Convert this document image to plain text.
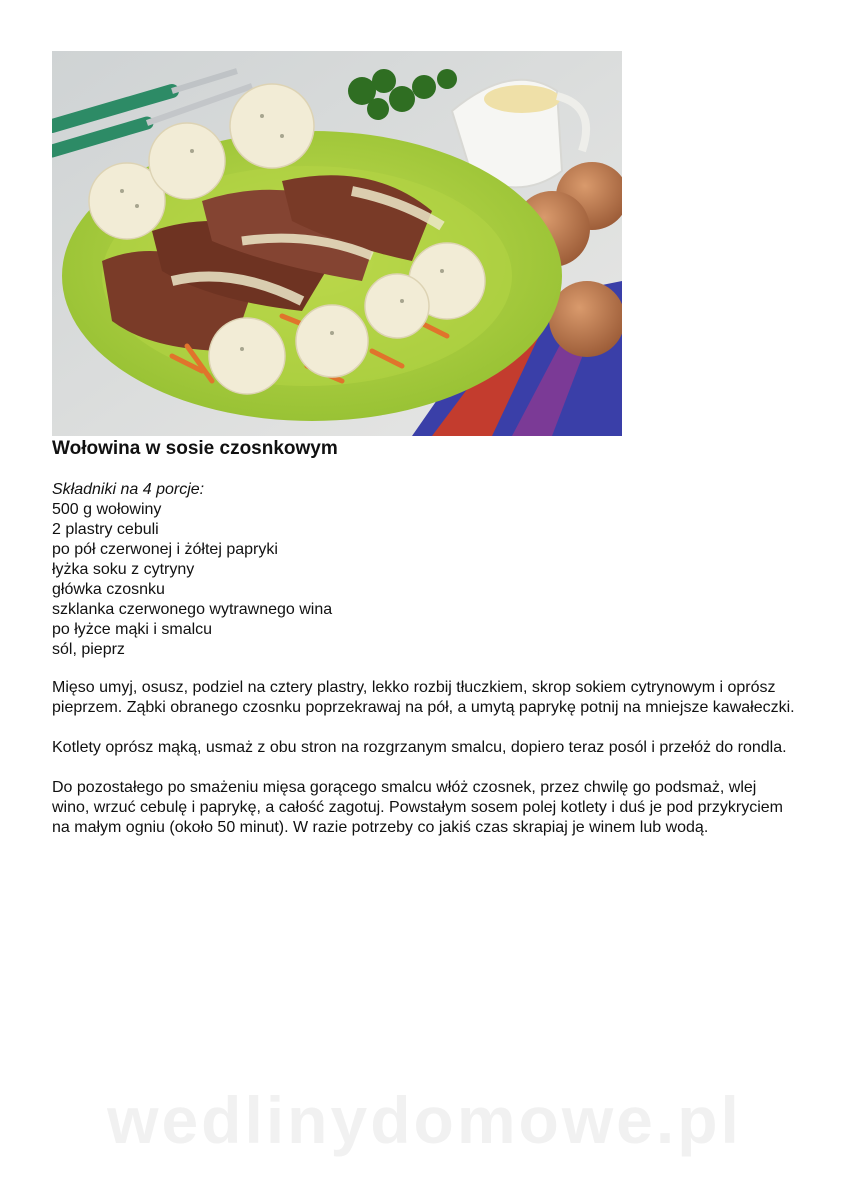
Wołowina w sosie czosnkowym
Składniki na 4 porcje:
500 g wołowiny
2 plastry cebuli
po pół czerwonej i żółtej papryki
łyżka soku z cytryny
główka czosnku
szklanka czerwonego wytrawnego wina
po łyżce mąki i smalcu
sól, pieprz

Mięso umyj, osusz, podziel na cztery plastry, lekko rozbij tłuczkiem, skrop sokiem cytrynowym i oprósz pieprzem. Ząbki obranego czosnku poprzekrawaj na pół, a umytą paprykę potnij na mniejsze kawałeczki.

Kotlety oprósz mąką, usmaż z obu stron na rozgrzanym smalcu, dopiero teraz posól i przełóż do rondla.

Do pozostałego po smażeniu mięsa gorącego smalcu włóż czosnek, przez chwilę go podsmaż, wlej wino, wrzuć cebulę i paprykę, a całość zagotuj. Powstałym sosem polej kotlety i duś je pod przykryciem na małym ogniu (około 50 minut). W razie potrzeby co jakiś czas skrapiaj je winem lub wodą.

wedlinydomowe.pl
